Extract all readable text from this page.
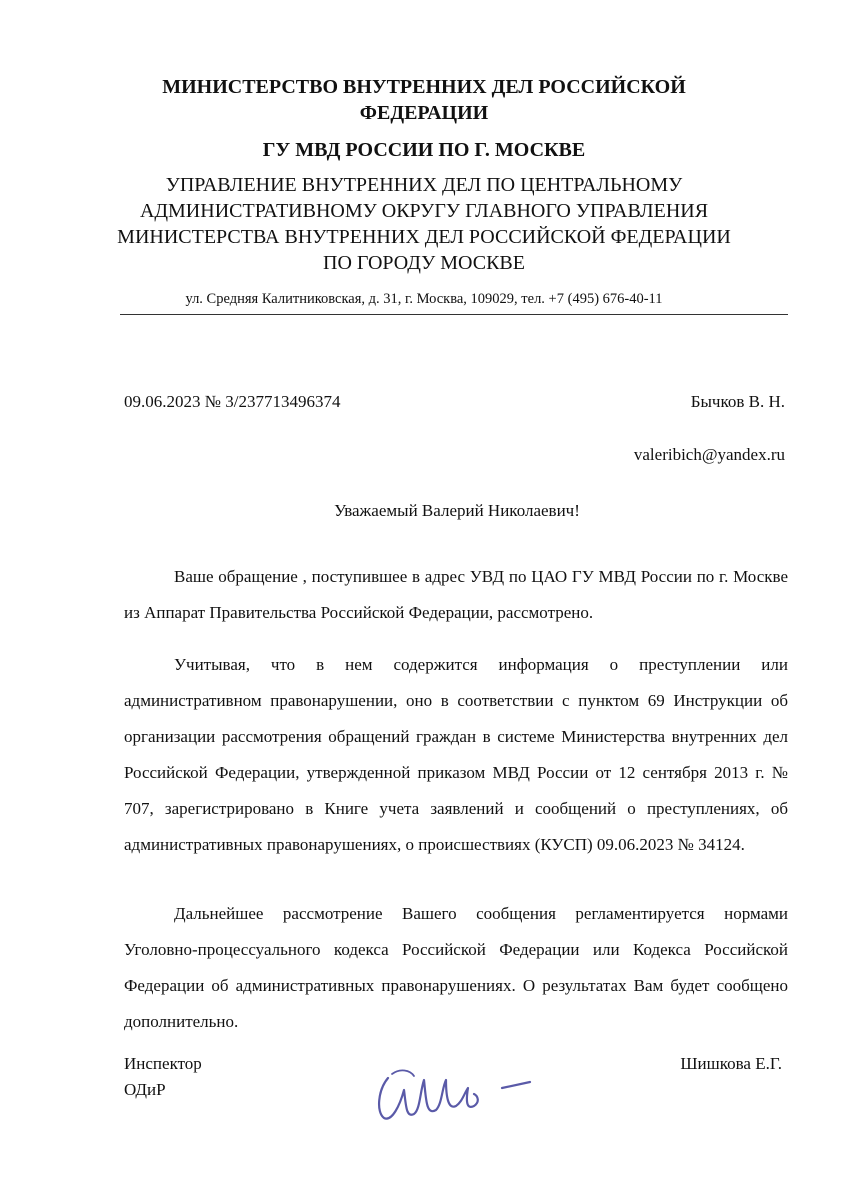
МИНИСТЕРСТВО ВНУТРЕННИХ ДЕЛ РОССИЙСКОЙ ФЕДЕРАЦИИ
ГУ МВД РОССИИ ПО Г. МОСКВЕ
УПРАВЛЕНИЕ ВНУТРЕННИХ ДЕЛ ПО ЦЕНТРАЛЬНОМУ АДМИНИСТРАТИВНОМУ ОКРУГУ ГЛАВНОГО УПРАВЛЕНИЯ МИНИСТЕРСТВА ВНУТРЕННИХ ДЕЛ РОССИЙСКОЙ ФЕДЕРАЦИИ ПО ГОРОДУ МОСКВЕ
ул. Средняя Калитниковская, д. 31, г. Москва, 109029, тел. +7 (495) 676-40-11
09.06.2023 № 3/237713496374	Бычков В. Н.
valeribich@yandex.ru
Уважаемый Валерий Николаевич!
Ваше обращение , поступившее в адрес УВД по ЦАО ГУ МВД России по г. Москве из Аппарат Правительства Российской Федерации, рассмотрено.
Учитывая, что в нем содержится информация о преступлении или административном правонарушении, оно в соответствии с пунктом 69 Инструкции об организации рассмотрения обращений граждан в системе Министерства внутренних дел Российской Федерации, утвержденной приказом МВД России от 12 сентября 2013 г. № 707, зарегистрировано в Книге учета заявлений и сообщений о преступлениях, об административных правонарушениях, о происшествиях (КУСП) 09.06.2023 № 34124.
Дальнейшее рассмотрение Вашего сообщения регламентируется нормами Уголовно-процессуального кодекса Российской Федерации или Кодекса Российской Федерации об административных правонарушениях. О результатах Вам будет сообщено дополнительно.
Инспектор
ОДиР
Шишкова Е.Г.
